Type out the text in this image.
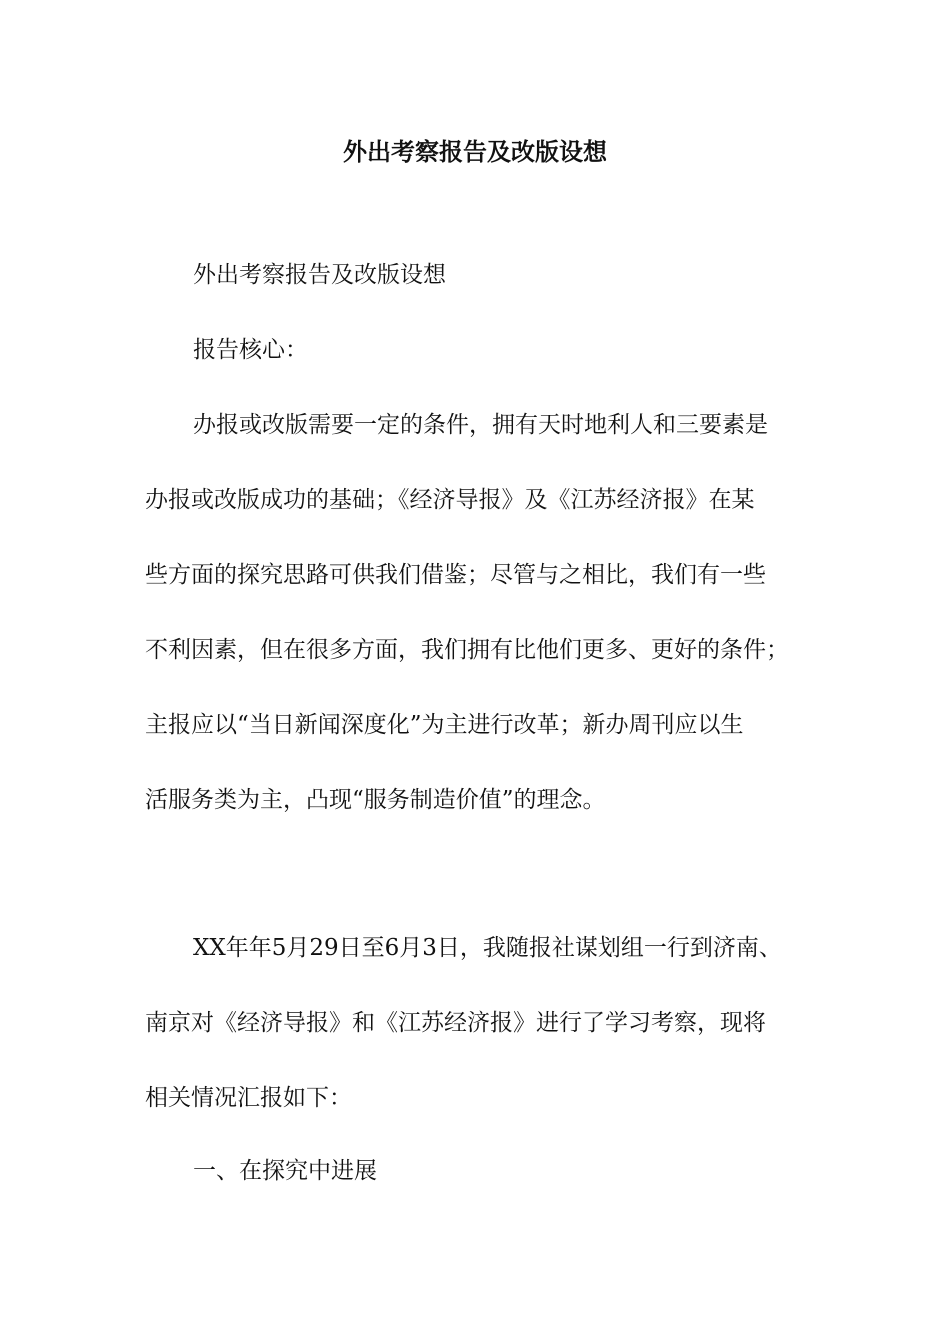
外出考察报告及改版设想

外出考察报告及改版设想

报告核心：

办报或改版需要一定的条件，拥有天时地利人和三要素是
办报或改版成功的基础；《经济导报》及《江苏经济报》在某
些方面的探究思路可供我们借鉴；尽管与之相比，我们有一些
不利因素，但在很多方面，我们拥有比他们更多、更好的条件；
主报应以“当日新闻深度化”为主进行改革；新办周刊应以生
活服务类为主，凸现“服务制造价值”的理念。
XX年年5月29日至6月3日，我随报社谋划组一行到济南、
南京对《经济导报》和《江苏经济报》进行了学习考察，现将
相关情况汇报如下：

一、在探究中进展
